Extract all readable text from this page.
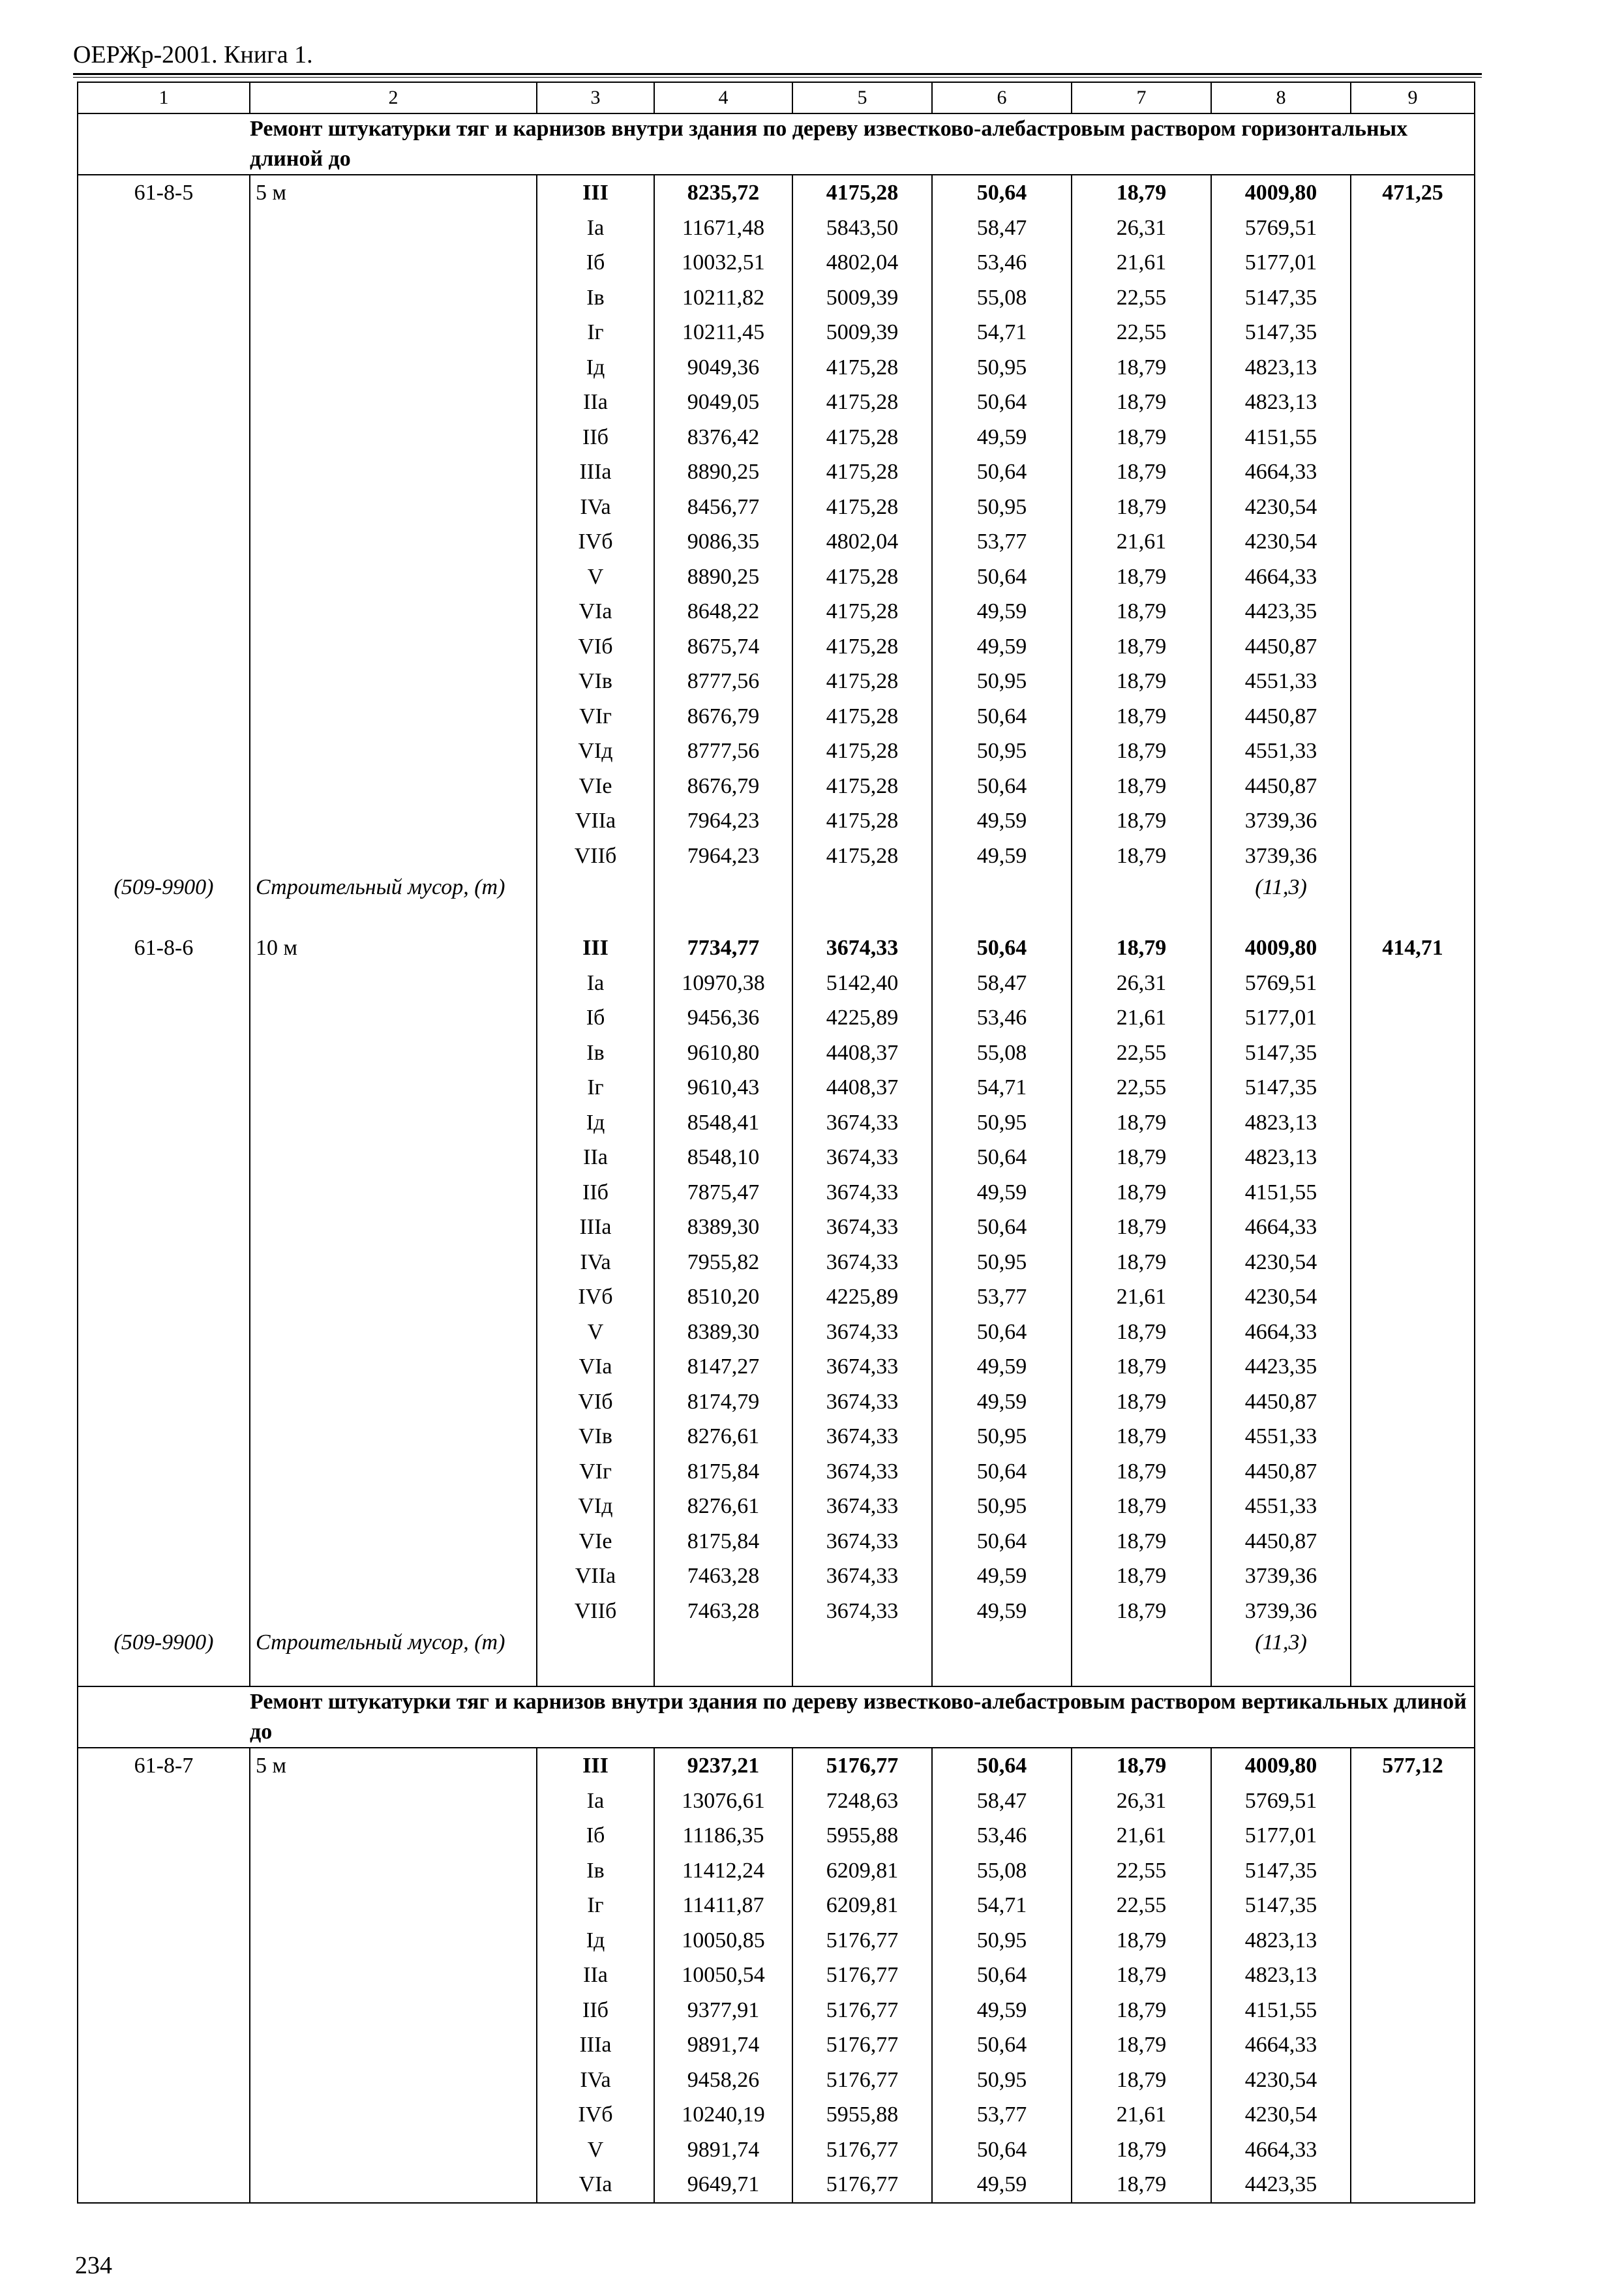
ОЕРЖр-2001. Книга 1.
1	2	3	4	5	6	7	8	9
Ремонт штукатурки тяг и карнизов внутри здания по дереву известково-алебастровым раствором горизонтальных длиной до								
61-8-5	5 м	III	8235,72	4175,28	50,64	18,79	4009,80	471,25
		Ia	11671,48	5843,50	58,47	26,31	5769,51	
		Iб	10032,51	4802,04	53,46	21,61	5177,01	
		Iв	10211,82	5009,39	55,08	22,55	5147,35	
		Iг	10211,45	5009,39	54,71	22,55	5147,35	
		Iд	9049,36	4175,28	50,95	18,79	4823,13	
		IIa	9049,05	4175,28	50,64	18,79	4823,13	
		IIб	8376,42	4175,28	49,59	18,79	4151,55	
		IIIa	8890,25	4175,28	50,64	18,79	4664,33	
		IVa	8456,77	4175,28	50,95	18,79	4230,54	
		IVб	9086,35	4802,04	53,77	21,61	4230,54	
		V	8890,25	4175,28	50,64	18,79	4664,33	
		VIa	8648,22	4175,28	49,59	18,79	4423,35	
		VIб	8675,74	4175,28	49,59	18,79	4450,87	
		VIв	8777,56	4175,28	50,95	18,79	4551,33	
		VIг	8676,79	4175,28	50,64	18,79	4450,87	
		VIд	8777,56	4175,28	50,95	18,79	4551,33	
		VIe	8676,79	4175,28	50,64	18,79	4450,87	
		VIIa	7964,23	4175,28	49,59	18,79	3739,36	
		VIIб	7964,23	4175,28	49,59	18,79	3739,36	
(509-9900)	Строительный мусор, (т)						(11,3)	
61-8-6	10 м	III	7734,77	3674,33	50,64	18,79	4009,80	414,71
		Ia	10970,38	5142,40	58,47	26,31	5769,51	
		Iб	9456,36	4225,89	53,46	21,61	5177,01	
		Iв	9610,80	4408,37	55,08	22,55	5147,35	
		Iг	9610,43	4408,37	54,71	22,55	5147,35	
		Iд	8548,41	3674,33	50,95	18,79	4823,13	
		IIa	8548,10	3674,33	50,64	18,79	4823,13	
		IIб	7875,47	3674,33	49,59	18,79	4151,55	
		IIIa	8389,30	3674,33	50,64	18,79	4664,33	
		IVa	7955,82	3674,33	50,95	18,79	4230,54	
		IVб	8510,20	4225,89	53,77	21,61	4230,54	
		V	8389,30	3674,33	50,64	18,79	4664,33	
		VIa	8147,27	3674,33	49,59	18,79	4423,35	
		VIб	8174,79	3674,33	49,59	18,79	4450,87	
		VIв	8276,61	3674,33	50,95	18,79	4551,33	
		VIг	8175,84	3674,33	50,64	18,79	4450,87	
		VIд	8276,61	3674,33	50,95	18,79	4551,33	
		VIe	8175,84	3674,33	50,64	18,79	4450,87	
		VIIa	7463,28	3674,33	49,59	18,79	3739,36	
		VIIб	7463,28	3674,33	49,59	18,79	3739,36	
(509-9900)	Строительный мусор, (т)						(11,3)	
Ремонт штукатурки тяг и карнизов внутри здания по дереву известково-алебастровым раствором вертикальных длиной до								
61-8-7	5 м	III	9237,21	5176,77	50,64	18,79	4009,80	577,12
		Ia	13076,61	7248,63	58,47	26,31	5769,51	
		Iб	11186,35	5955,88	53,46	21,61	5177,01	
		Iв	11412,24	6209,81	55,08	22,55	5147,35	
		Iг	11411,87	6209,81	54,71	22,55	5147,35	
		Iд	10050,85	5176,77	50,95	18,79	4823,13	
		IIa	10050,54	5176,77	50,64	18,79	4823,13	
		IIб	9377,91	5176,77	49,59	18,79	4151,55	
		IIIa	9891,74	5176,77	50,64	18,79	4664,33	
		IVa	9458,26	5176,77	50,95	18,79	4230,54	
		IVб	10240,19	5955,88	53,77	21,61	4230,54	
		V	9891,74	5176,77	50,64	18,79	4664,33	
		VIa	9649,71	5176,77	49,59	18,79	4423,35	
234
